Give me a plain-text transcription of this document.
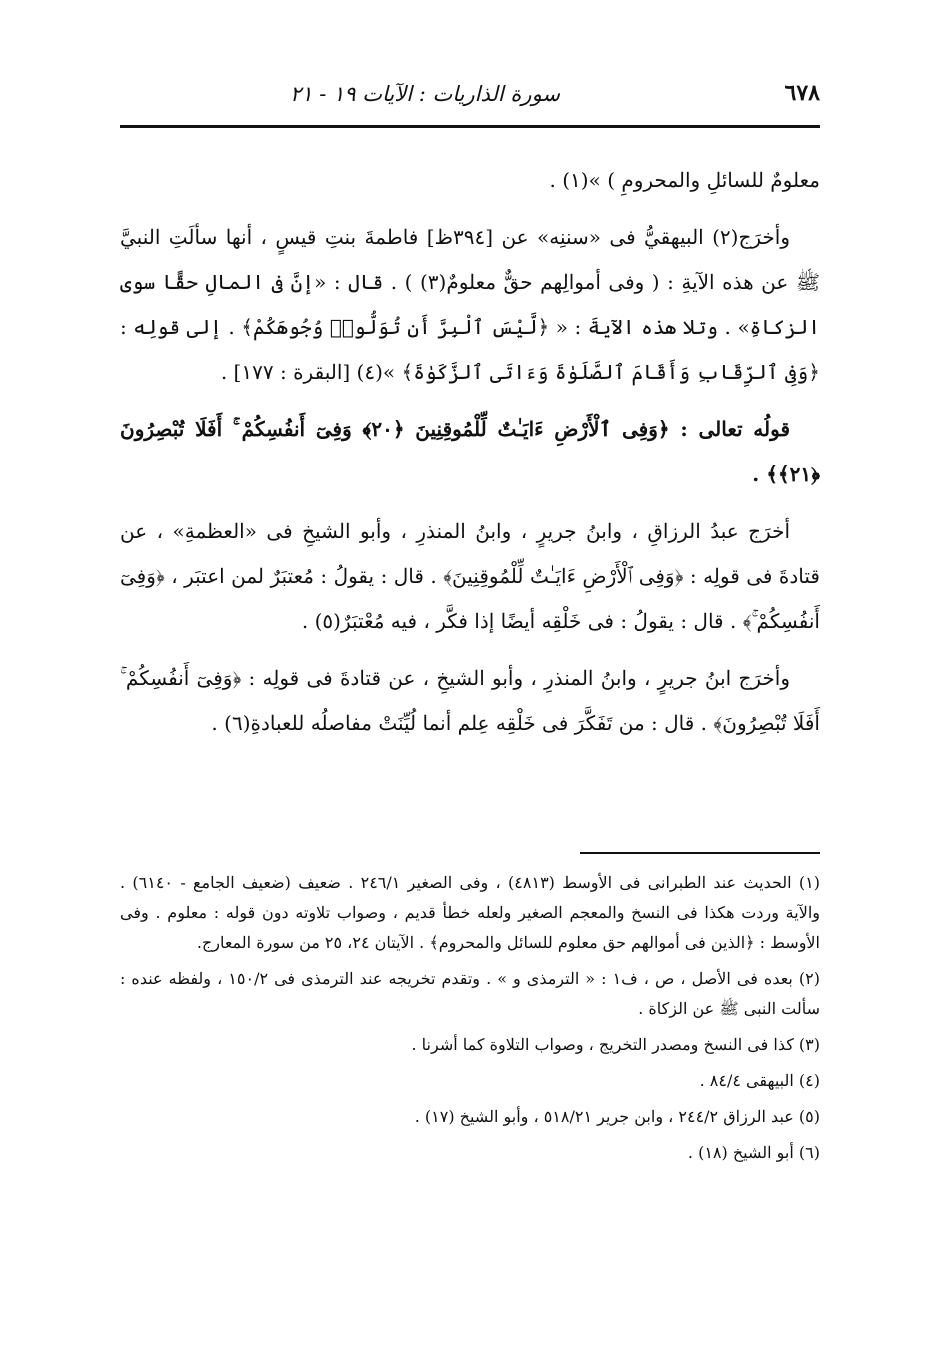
٦٧٨
سورة الذاريات : الآيات ١٩ - ٢١

معلومٌ للسائلِ والمحرومِ ) »(١) .

وأخرَج(٢) البيهقيُّ فى «سننِه» عن [٣٩٤ظ] فاطمةَ بنتِ قيسٍ ، أنها سألَتِ النبيَّ ﷺ عن هذه الآيةِ : ( وفى أموالِهم حقٌّ معلومٌ(٣) ) . قال : «إنَّ فى المالِ حقًّا سوى الزكاةِ» . وتلا هذه الآيةَ : « ﴿لَّيْسَ ٱلْبِرَّ أَن تُوَلُّوا۟ وُجُوهَكُمْ﴾ . إلى قولِه : ﴿وَفِى ٱلرِّقَابِ وَأَقَامَ ٱلصَّلَوٰةَ وَءَاتَى ٱلزَّكَوٰةَ﴾ »(٤) [البقرة : ١٧٧] .

قولُه تعالى : ﴿وَفِى ٱلْأَرْضِ ءَايَـٰتٌ لِّلْمُوقِنِينَ ﴿٢٠﴾ وَفِىٓ أَنفُسِكُمْ ۚ أَفَلَا تُبْصِرُونَ ﴿٢١﴾﴾ .

أخرَج عبدُ الرزاقِ ، وابنُ جريرٍ ، وابنُ المنذرِ ، وأبو الشيخِ فى «العظمةِ» ، عن قتادةَ فى قولِه : ﴿وَفِى ٱلْأَرْضِ ءَايَـٰتٌ لِّلْمُوقِنِينَ﴾ . قال : يقولُ : مُعتبَرٌ لمن اعتبَر ، ﴿وَفِىٓ أَنفُسِكُمْ ۚ﴾ . قال : يقولُ : فى خَلْقِه أيضًا إذا فكَّر ، فيه مُعْتبَرٌ(٥) .

وأخرَج ابنُ جريرٍ ، وابنُ المنذرِ ، وأبو الشيخِ ، عن قتادةَ فى قولِه : ﴿وَفِىٓ أَنفُسِكُمْ ۚ أَفَلَا تُبْصِرُونَ﴾ . قال : من تَفَكَّرَ فى خَلْقِه عِلم أنما لُيِّنَتْ مفاصلُه للعبادةِ(٦) .

(١) الحديث عند الطبرانى فى الأوسط (٤٨١٣) ، وفى الصغير ٢٤٦/١ . ضعيف (ضعيف الجامع - ٦١٤٠) . والآية وردت هكذا فى النسخ والمعجم الصغير ولعله خطأ قديم ، وصواب تلاوته دون قوله : معلوم . وفى الأوسط : ﴿الذين فى أموالهم حق معلوم للسائل والمحروم﴾ . الآيتان ٢٤، ٢٥ من سورة المعارج.

(٢) بعده فى الأصل ، ص ، ف١ : « الترمذى و » . وتقدم تخريجه عند الترمذى فى ١٥٠/٢ ، ولفظه عنده : سألت النبى ﷺ عن الزكاة .

(٣) كذا فى النسخ ومصدر التخريج ، وصواب التلاوة كما أشرنا .

(٤) البيهقى ٨٤/٤ .

(٥) عبد الرزاق ٢٤٤/٢ ، وابن جرير ٥١٨/٢١ ، وأبو الشيخ (١٧) .

(٦) أبو الشيخ (١٨) .
